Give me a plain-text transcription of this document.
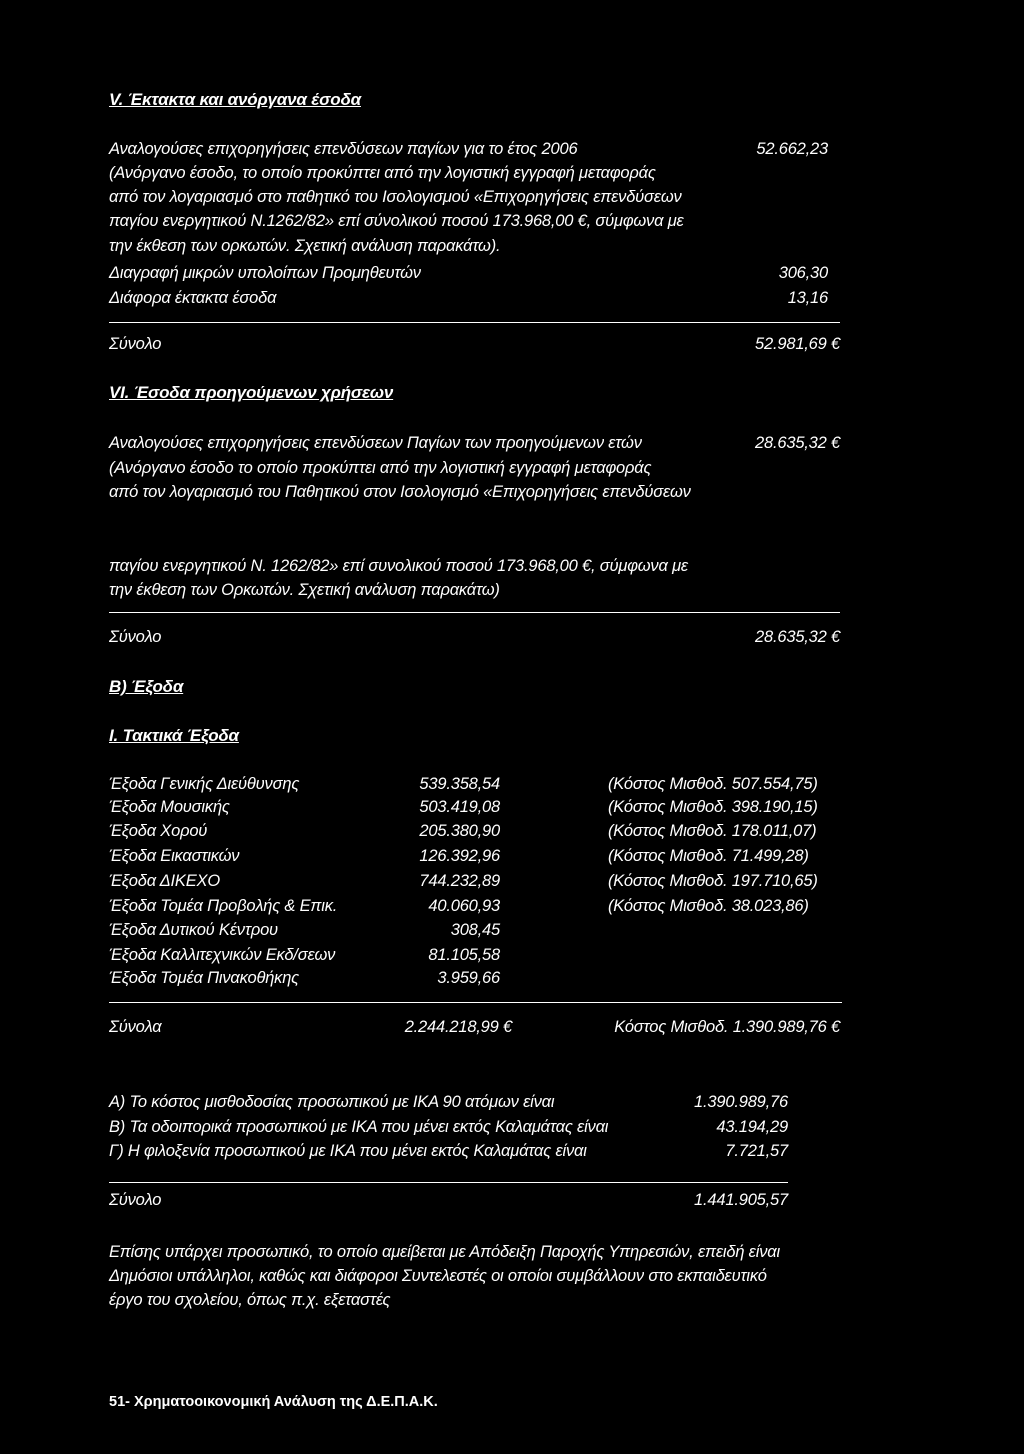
V. Έκτακτα και ανόργανα έσοδα
Αναλογούσες επιχορηγήσεις επενδύσεων παγίων για το έτος 2006	52.662,23
(Ανόργανο έσοδο, το οποίο προκύπτει από την λογιστική εγγραφή μεταφοράς
από τον λογαριασμό στο παθητικό του Ισολογισμού «Επιχορηγήσεις επενδύσεων
παγίου ενεργητικού Ν.1262/82» επί σύνολικού ποσού 173.968,00 €, σύμφωνα με
την έκθεση των ορκωτών. Σχετική ανάλυση παρακάτω).
Διαγραφή μικρών υπολοίπων Προμηθευτών	306,30
Διάφορα έκτακτα έσοδα	13,16
Σύνολο	52.981,69 €
VI. Έσοδα προηγούμενων χρήσεων
Αναλογούσες επιχορηγήσεις επενδύσεων Παγίων των προηγούμενων ετών	28.635,32 €
(Ανόργανο έσοδο το οποίο προκύπτει από την λογιστική εγγραφή μεταφοράς
από τον λογαριασμό του Παθητικού στον Ισολογισμό «Επιχορηγήσεις επενδύσεων
παγίου ενεργητικού Ν. 1262/82» επί συνολικού ποσού 173.968,00 €, σύμφωνα με
την έκθεση των Ορκωτών. Σχετική ανάλυση παρακάτω)
Σύνολο	28.635,32 €
Β) Έξοδα
Ι. Τακτικά Έξοδα
Έξοδα Γενικής Διεύθυνσης	539.358,54	(Κόστος Μισθοδ. 507.554,75)
Έξοδα Μουσικής	503.419,08	(Κόστος Μισθοδ. 398.190,15)
Έξοδα Χορού	205.380,90	(Κόστος Μισθοδ. 178.011,07)
Έξοδα Εικαστικών	126.392,96	(Κόστος Μισθοδ. 71.499,28)
Έξοδα ΔΙΚΕΧΟ	744.232,89	(Κόστος Μισθοδ. 197.710,65)
Έξοδα Τομέα Προβολής & Επικ.	40.060,93	(Κόστος Μισθοδ. 38.023,86)
Έξοδα Δυτικού Κέντρου	308,45
Έξοδα Καλλιτεχνικών Εκδ/σεων	81.105,58
Έξοδα Τομέα Πινακοθήκης	3.959,66
Σύνολα	2.244.218,99 €	Κόστος Μισθοδ. 1.390.989,76 €
Α) Το κόστος μισθοδοσίας προσωπικού με ΙΚΑ 90 ατόμων είναι	1.390.989,76
Β) Τα οδοιπορικά προσωπικού με ΙΚΑ που μένει εκτός Καλαμάτας είναι	43.194,29
Γ) Η φιλοξενία προσωπικού με ΙΚΑ που μένει εκτός Καλαμάτας είναι	7.721,57
Σύνολο	1.441.905,57
Επίσης υπάρχει προσωπικό, το οποίο αμείβεται με Απόδειξη Παροχής Υπηρεσιών, επειδή είναι
Δημόσιοι υπάλληλοι, καθώς και διάφοροι Συντελεστές οι οποίοι συμβάλλουν στο εκπαιδευτικό
έργο του σχολείου, όπως π.χ. εξεταστές
51- Χρηματοοικονομική Ανάλυση της Δ.Ε.Π.Α.Κ.
